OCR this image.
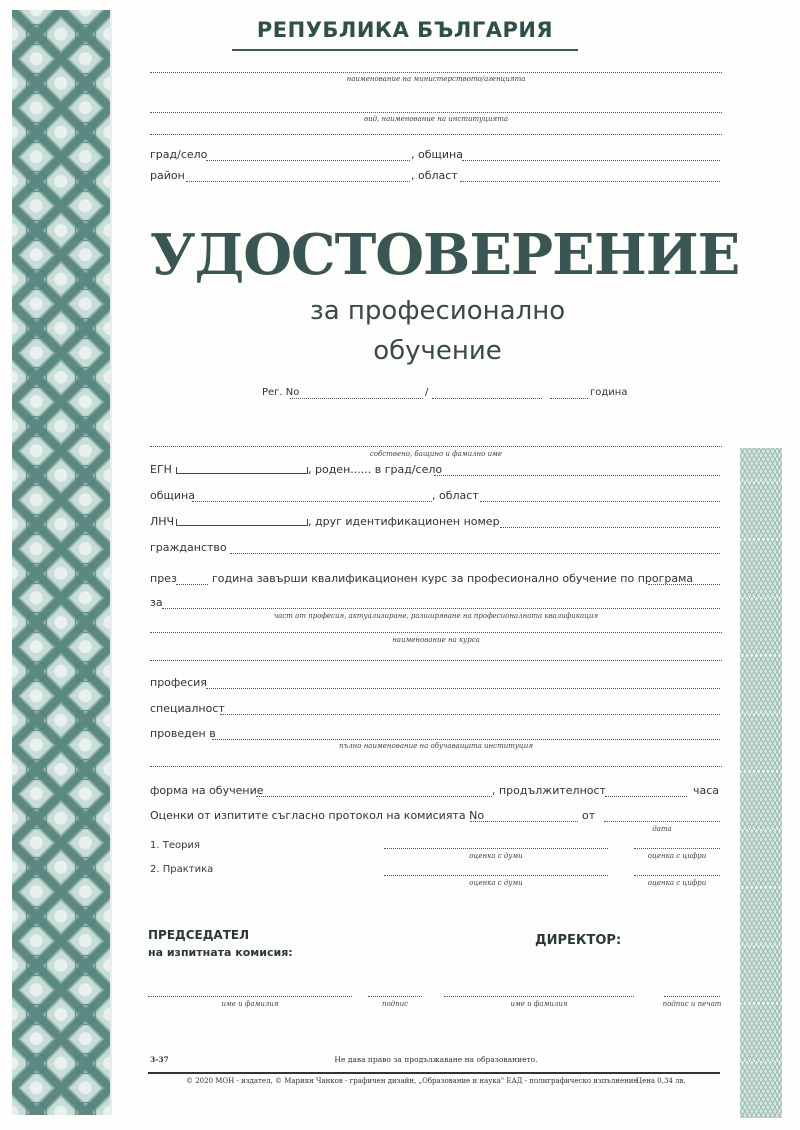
РЕПУБЛИКА БЪЛГАРИЯ
наименование на министерството/агенцията
вид, наименование на институцията
град/село	, община
район	, област
УДОСТОВЕРЕНИЕ
за професионално
обучение
Рег. No	/	година
собствено, бащино и фамилно име
ЕГН	, роден...... в град/село
община	, област
ЛНЧ	, друг идентификационен номер
гражданство
през	година завърши квалификационен курс за професионално обучение по програма
за
част от професия, актуализиране, разширяване на професионалната квалификация
наименование на курса
професия
специалност
проведен в
пълно наименование на обучаващата институция
форма на обучение	, продължителност	часа
Оценки от изпитите съгласно протокол на комисията No	от
дата
1. Теория
оценка с думи	оценка с цифри
2. Практика
оценка с думи	оценка с цифри
ПРЕДСЕДАТЕЛ
на изпитната комисия:
ДИРЕКТОР:
име и фамилия	подпис	име и фамилия	подпис и печат
3-37	Не дава право за продължаване на образованието.
© 2020 МОН - издател, © Мариян Чанков - графичен дизайн, „Образование и наука" ЕАД - полиграфическо изпълнение
Цена 0,34 лв.
